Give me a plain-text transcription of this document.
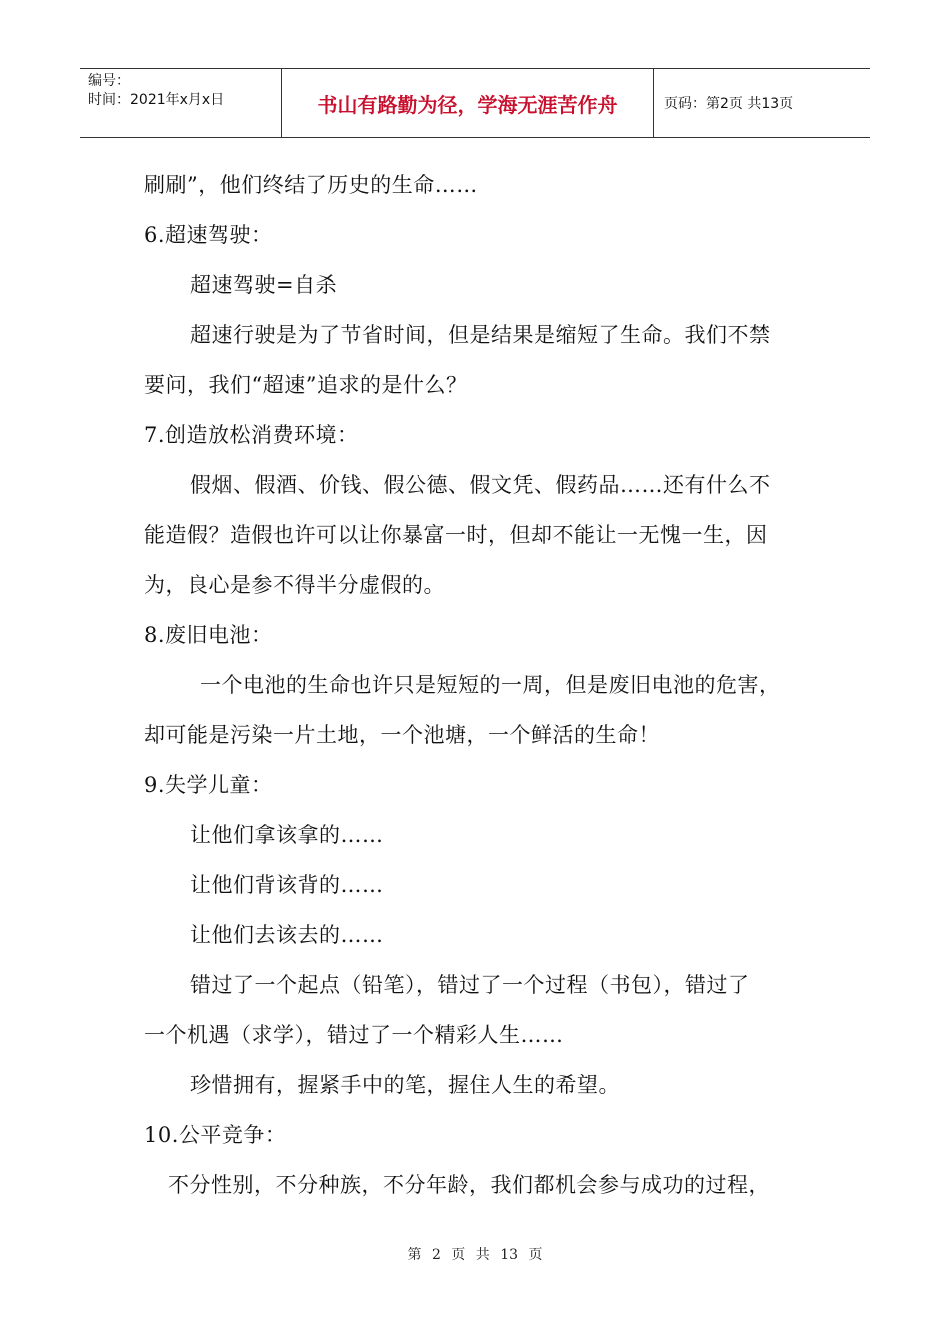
编号：
时间：2021年x月x日	书山有路勤为径，学海无涯苦作舟	页码：第2页 共13页

刷刷”，他们终结了历史的生命……

6.超速驾驶：

超速驾驶=自杀

超速行驶是为了节省时间，但是结果是缩短了生命。我们不禁

要问，我们“超速”追求的是什么？

7.创造放松消费环境：

假烟、假酒、价钱、假公德、假文凭、假药品……还有什么不

能造假？造假也许可以让你暴富一时，但却不能让一无愧一生，因

为，良心是参不得半分虚假的。

8.废旧电池：

一个电池的生命也许只是短短的一周，但是废旧电池的危害，

却可能是污染一片土地，一个池塘，一个鲜活的生命！

9.失学儿童：

让他们拿该拿的……

让他们背该背的……

让他们去该去的……

错过了一个起点（铅笔），错过了一个过程（书包），错过了

一个机遇（求学），错过了一个精彩人生……

珍惜拥有，握紧手中的笔，握住人生的希望。

10.公平竞争：

不分性别，不分种族，不分年龄，我们都机会参与成功的过程，

第 2 页 共 13 页
